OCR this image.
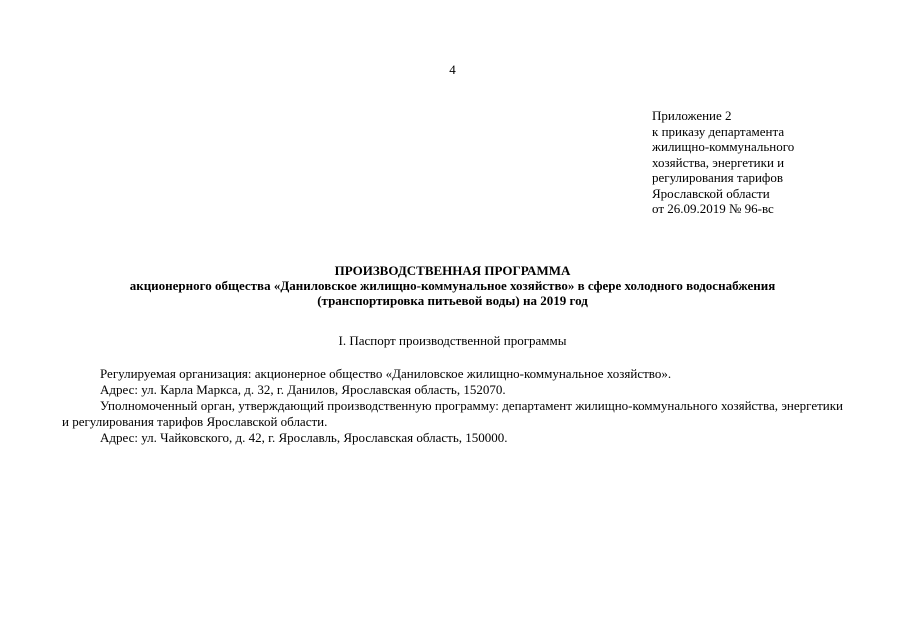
4
Приложение 2
к приказу департамента
жилищно-коммунального
хозяйства, энергетики и
регулирования тарифов
Ярославской области
от 26.09.2019 № 96-вс
ПРОИЗВОДСТВЕННАЯ ПРОГРАММА
акционерного общества «Даниловское жилищно-коммунальное хозяйство» в сфере холодного водоснабжения
(транспортировка питьевой воды) на 2019 год
I. Паспорт производственной программы
Регулируемая организация: акционерное общество «Даниловское жилищно-коммунальное хозяйство».
Адрес: ул. Карла Маркса, д. 32, г. Данилов, Ярославская область, 152070.
Уполномоченный орган, утверждающий производственную программу: департамент жилищно-коммунального хозяйства, энергетики и регулирования тарифов Ярославской области.
Адрес: ул. Чайковского, д. 42, г. Ярославль, Ярославская область, 150000.
